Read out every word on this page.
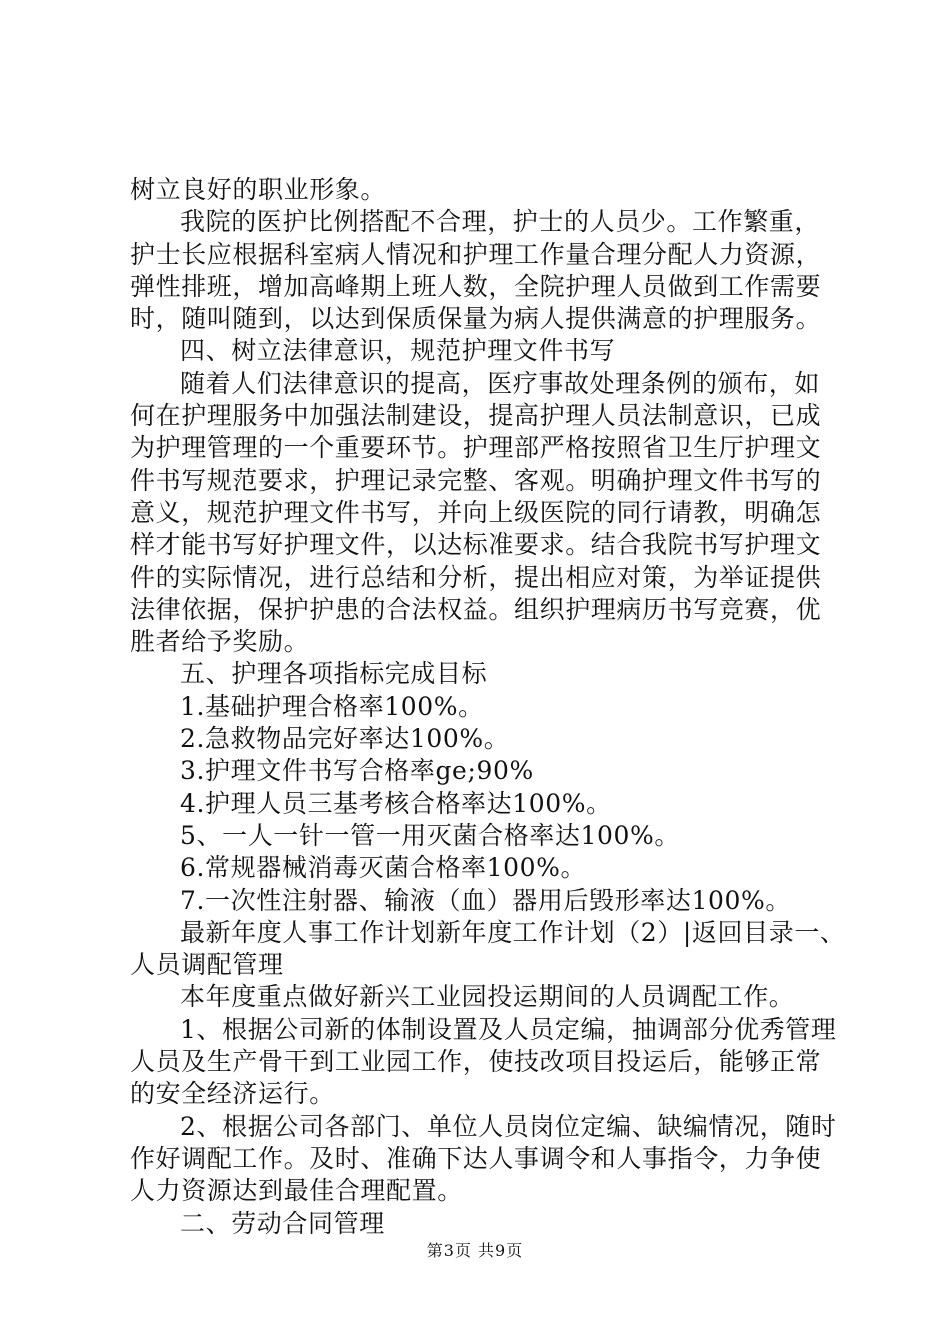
树立良好的职业形象。
我院的医护比例搭配不合理，护士的人员少。工作繁重，
护士长应根据科室病人情况和护理工作量合理分配人力资源，
弹性排班，增加高峰期上班人数，全院护理人员做到工作需要
时，随叫随到，以达到保质保量为病人提供满意的护理服务。
四、树立法律意识，规范护理文件书写
随着人们法律意识的提高，医疗事故处理条例的颁布，如
何在护理服务中加强法制建设，提高护理人员法制意识，已成
为护理管理的一个重要环节。护理部严格按照省卫生厅护理文
件书写规范要求，护理记录完整、客观。明确护理文件书写的
意义，规范护理文件书写，并向上级医院的同行请教，明确怎
样才能书写好护理文件，以达标准要求。结合我院书写护理文
件的实际情况，进行总结和分析，提出相应对策，为举证提供
法律依据，保护护患的合法权益。组织护理病历书写竞赛，优
胜者给予奖励。
五、护理各项指标完成目标
1.基础护理合格率100%。
2.急救物品完好率达100%。
3.护理文件书写合格率ge;90%
4.护理人员三基考核合格率达100%。
5、一人一针一管一用灭菌合格率达100%。
6.常规器械消毒灭菌合格率100%。
7.一次性注射器、输液（血）器用后毁形率达100%。
最新年度人事工作计划新年度工作计划（2）|返回目录一、
人员调配管理
本年度重点做好新兴工业园投运期间的人员调配工作。
1、根据公司新的体制设置及人员定编，抽调部分优秀管理
人员及生产骨干到工业园工作，使技改项目投运后，能够正常
的安全经济运行。
2、根据公司各部门、单位人员岗位定编、缺编情况，随时
作好调配工作。及时、准确下达人事调令和人事指令，力争使
人力资源达到最佳合理配置。
二、劳动合同管理
第3页 共9页
